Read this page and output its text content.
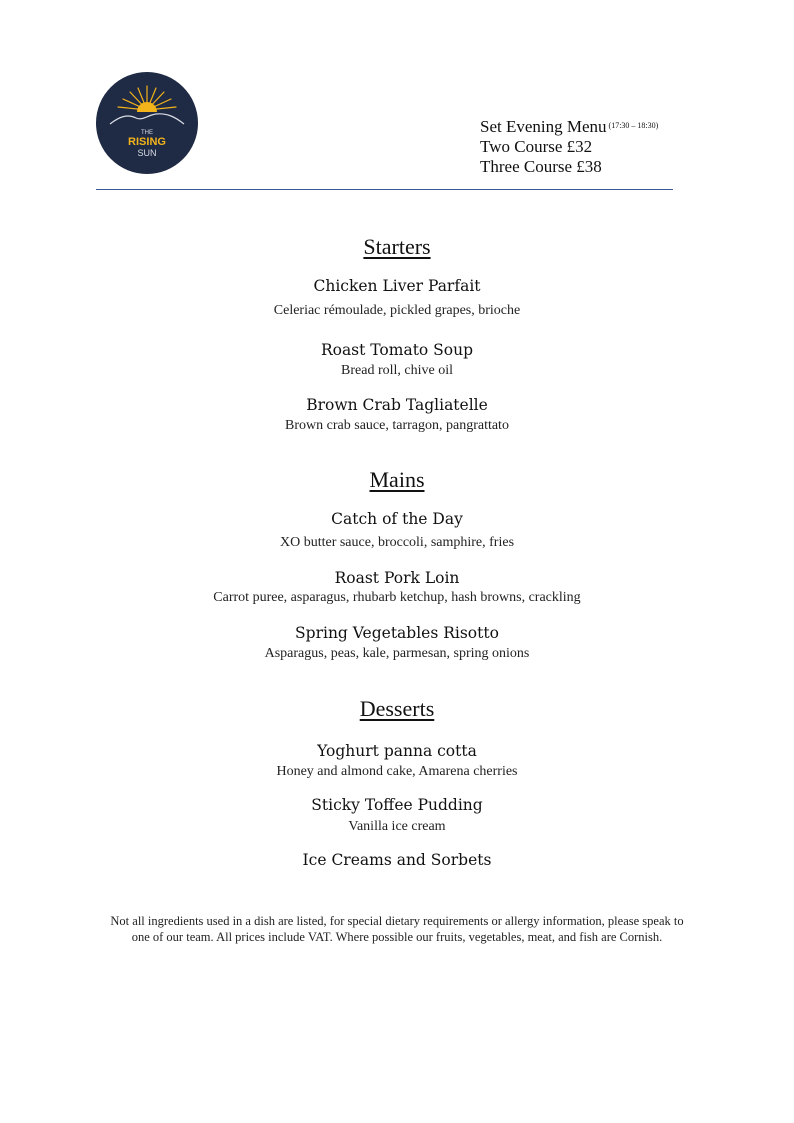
THE
RISING
SUN
Set Evening Menu $^{(17:30 - 18:30)}$
Two Course £32
Three Course £38
Starters
Chicken Liver Parfait
Celeriac rémoulade, pickled grapes, brioche
Roast Tomato Soup
Bread roll, chive oil
Brown Crab Tagliatelle
Brown crab sauce, tarragon, pangrattato
Mains
Catch of the Day
XO butter sauce, broccoli, samphire, fries
Roast Pork Loin
Carrot puree, asparagus, rhubarb ketchup, hash browns, crackling
Spring Vegetables Risotto
Asparagus, peas, kale, parmesan, spring onions
Desserts
Yoghurt panna cotta
Honey and almond cake, Amarena cherries
Sticky Toffee Pudding
Vanilla ice cream
Ice Creams and Sorbets
Not all ingredients used in a dish are listed, for special dietary requirements or allergy information, please speak to
one of our team. All prices include VAT. Where possible our fruits, vegetables, meat, and fish are Cornish.
